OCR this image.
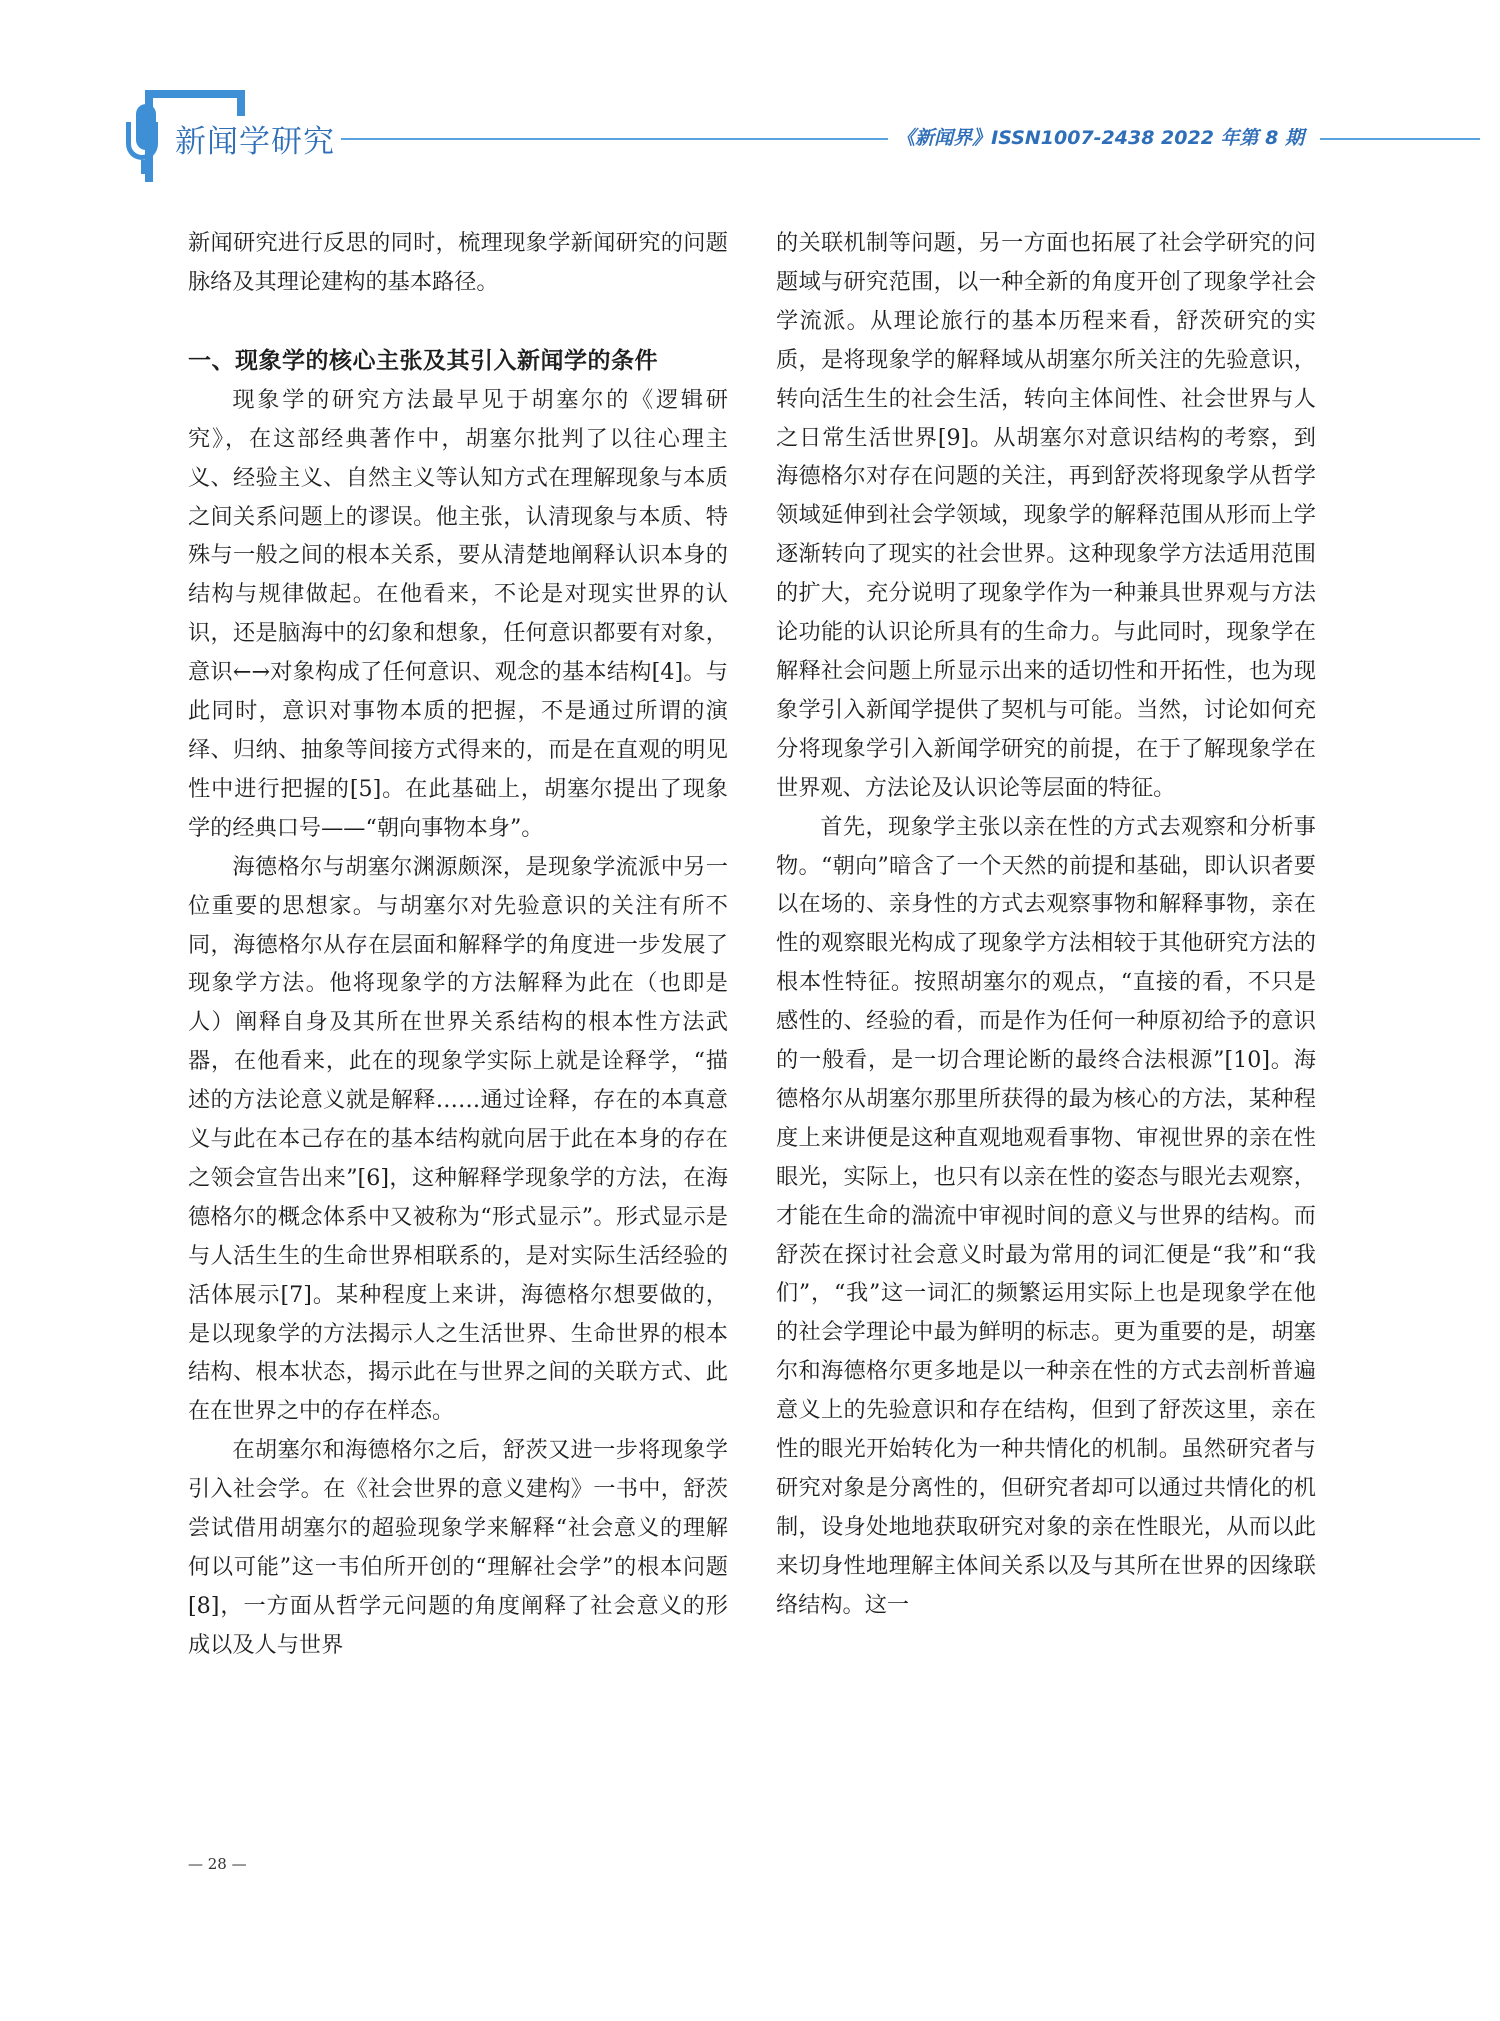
新闻学研究	《新闻界》ISSN1007-2438 2022 年第 8 期

新闻研究进行反思的同时，梳理现象学新闻研究的问题脉络及其理论建构的基本路径。

一、现象学的核心主张及其引入新闻学的条件

现象学的研究方法最早见于胡塞尔的《逻辑研究》，在这部经典著作中，胡塞尔批判了以往心理主义、经验主义、自然主义等认知方式在理解现象与本质之间关系问题上的谬误。他主张，认清现象与本质、特殊与一般之间的根本关系，要从清楚地阐释认识本身的结构与规律做起。在他看来，不论是对现实世界的认识，还是脑海中的幻象和想象，任何意识都要有对象，意识←→对象构成了任何意识、观念的基本结构[4]。与此同时，意识对事物本质的把握，不是通过所谓的演绎、归纳、抽象等间接方式得来的，而是在直观的明见性中进行把握的[5]。在此基础上，胡塞尔提出了现象学的经典口号——“朝向事物本身”。

海德格尔与胡塞尔渊源颇深，是现象学流派中另一位重要的思想家。与胡塞尔对先验意识的关注有所不同，海德格尔从存在层面和解释学的角度进一步发展了现象学方法。他将现象学的方法解释为此在（也即是人）阐释自身及其所在世界关系结构的根本性方法武器，在他看来，此在的现象学实际上就是诠释学，“描述的方法论意义就是解释……通过诠释，存在的本真意义与此在本己存在的基本结构就向居于此在本身的存在之领会宣告出来”[6]，这种解释学现象学的方法，在海德格尔的概念体系中又被称为“形式显示”。形式显示是与人活生生的生命世界相联系的，是对实际生活经验的活体展示[7]。某种程度上来讲，海德格尔想要做的，是以现象学的方法揭示人之生活世界、生命世界的根本结构、根本状态，揭示此在与世界之间的关联方式、此在在世界之中的存在样态。

在胡塞尔和海德格尔之后，舒茨又进一步将现象学引入社会学。在《社会世界的意义建构》一书中，舒茨尝试借用胡塞尔的超验现象学来解释“社会意义的理解何以可能”这一韦伯所开创的“理解社会学”的根本问题[8]，一方面从哲学元问题的角度阐释了社会意义的形成以及人与世界

的关联机制等问题，另一方面也拓展了社会学研究的问题域与研究范围，以一种全新的角度开创了现象学社会学流派。从理论旅行的基本历程来看，舒茨研究的实质，是将现象学的解释域从胡塞尔所关注的先验意识，转向活生生的社会生活，转向主体间性、社会世界与人之日常生活世界[9]。从胡塞尔对意识结构的考察，到海德格尔对存在问题的关注，再到舒茨将现象学从哲学领域延伸到社会学领域，现象学的解释范围从形而上学逐渐转向了现实的社会世界。这种现象学方法适用范围的扩大，充分说明了现象学作为一种兼具世界观与方法论功能的认识论所具有的生命力。与此同时，现象学在解释社会问题上所显示出来的适切性和开拓性，也为现象学引入新闻学提供了契机与可能。当然，讨论如何充分将现象学引入新闻学研究的前提，在于了解现象学在世界观、方法论及认识论等层面的特征。

首先，现象学主张以亲在性的方式去观察和分析事物。“朝向”暗含了一个天然的前提和基础，即认识者要以在场的、亲身性的方式去观察事物和解释事物，亲在性的观察眼光构成了现象学方法相较于其他研究方法的根本性特征。按照胡塞尔的观点，“直接的看，不只是感性的、经验的看，而是作为任何一种原初给予的意识的一般看，是一切合理论断的最终合法根源”[10]。海德格尔从胡塞尔那里所获得的最为核心的方法，某种程度上来讲便是这种直观地观看事物、审视世界的亲在性眼光，实际上，也只有以亲在性的姿态与眼光去观察，才能在生命的湍流中审视时间的意义与世界的结构。而舒茨在探讨社会意义时最为常用的词汇便是“我”和“我们”，“我”这一词汇的频繁运用实际上也是现象学在他的社会学理论中最为鲜明的标志。更为重要的是，胡塞尔和海德格尔更多地是以一种亲在性的方式去剖析普遍意义上的先验意识和存在结构，但到了舒茨这里，亲在性的眼光开始转化为一种共情化的机制。虽然研究者与研究对象是分离性的，但研究者却可以通过共情化的机制，设身处地地获取研究对象的亲在性眼光，从而以此来切身性地理解主体间关系以及与其所在世界的因缘联络结构。这一

— 28 —
